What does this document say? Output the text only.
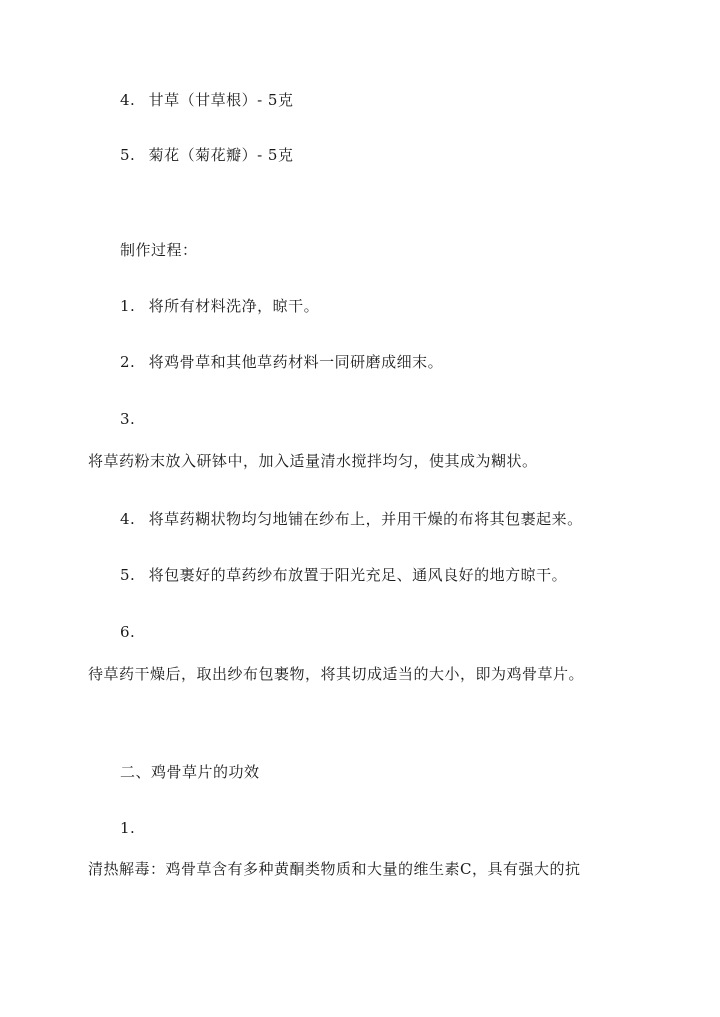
4. 甘草（甘草根）- 5克
5. 菊花（菊花瓣）- 5克
制作过程：
1. 将所有材料洗净，晾干。
2. 将鸡骨草和其他草药材料一同研磨成细末。
3.
将草药粉末放入研钵中，加入适量清水搅拌均匀，使其成为糊状。
4. 将草药糊状物均匀地铺在纱布上，并用干燥的布将其包裹起来。
5. 将包裹好的草药纱布放置于阳光充足、通风良好的地方晾干。
6.
待草药干燥后，取出纱布包裹物，将其切成适当的大小，即为鸡骨草片。
二、鸡骨草片的功效
1.
清热解毒：鸡骨草含有多种黄酮类物质和大量的维生素C，具有强大的抗
